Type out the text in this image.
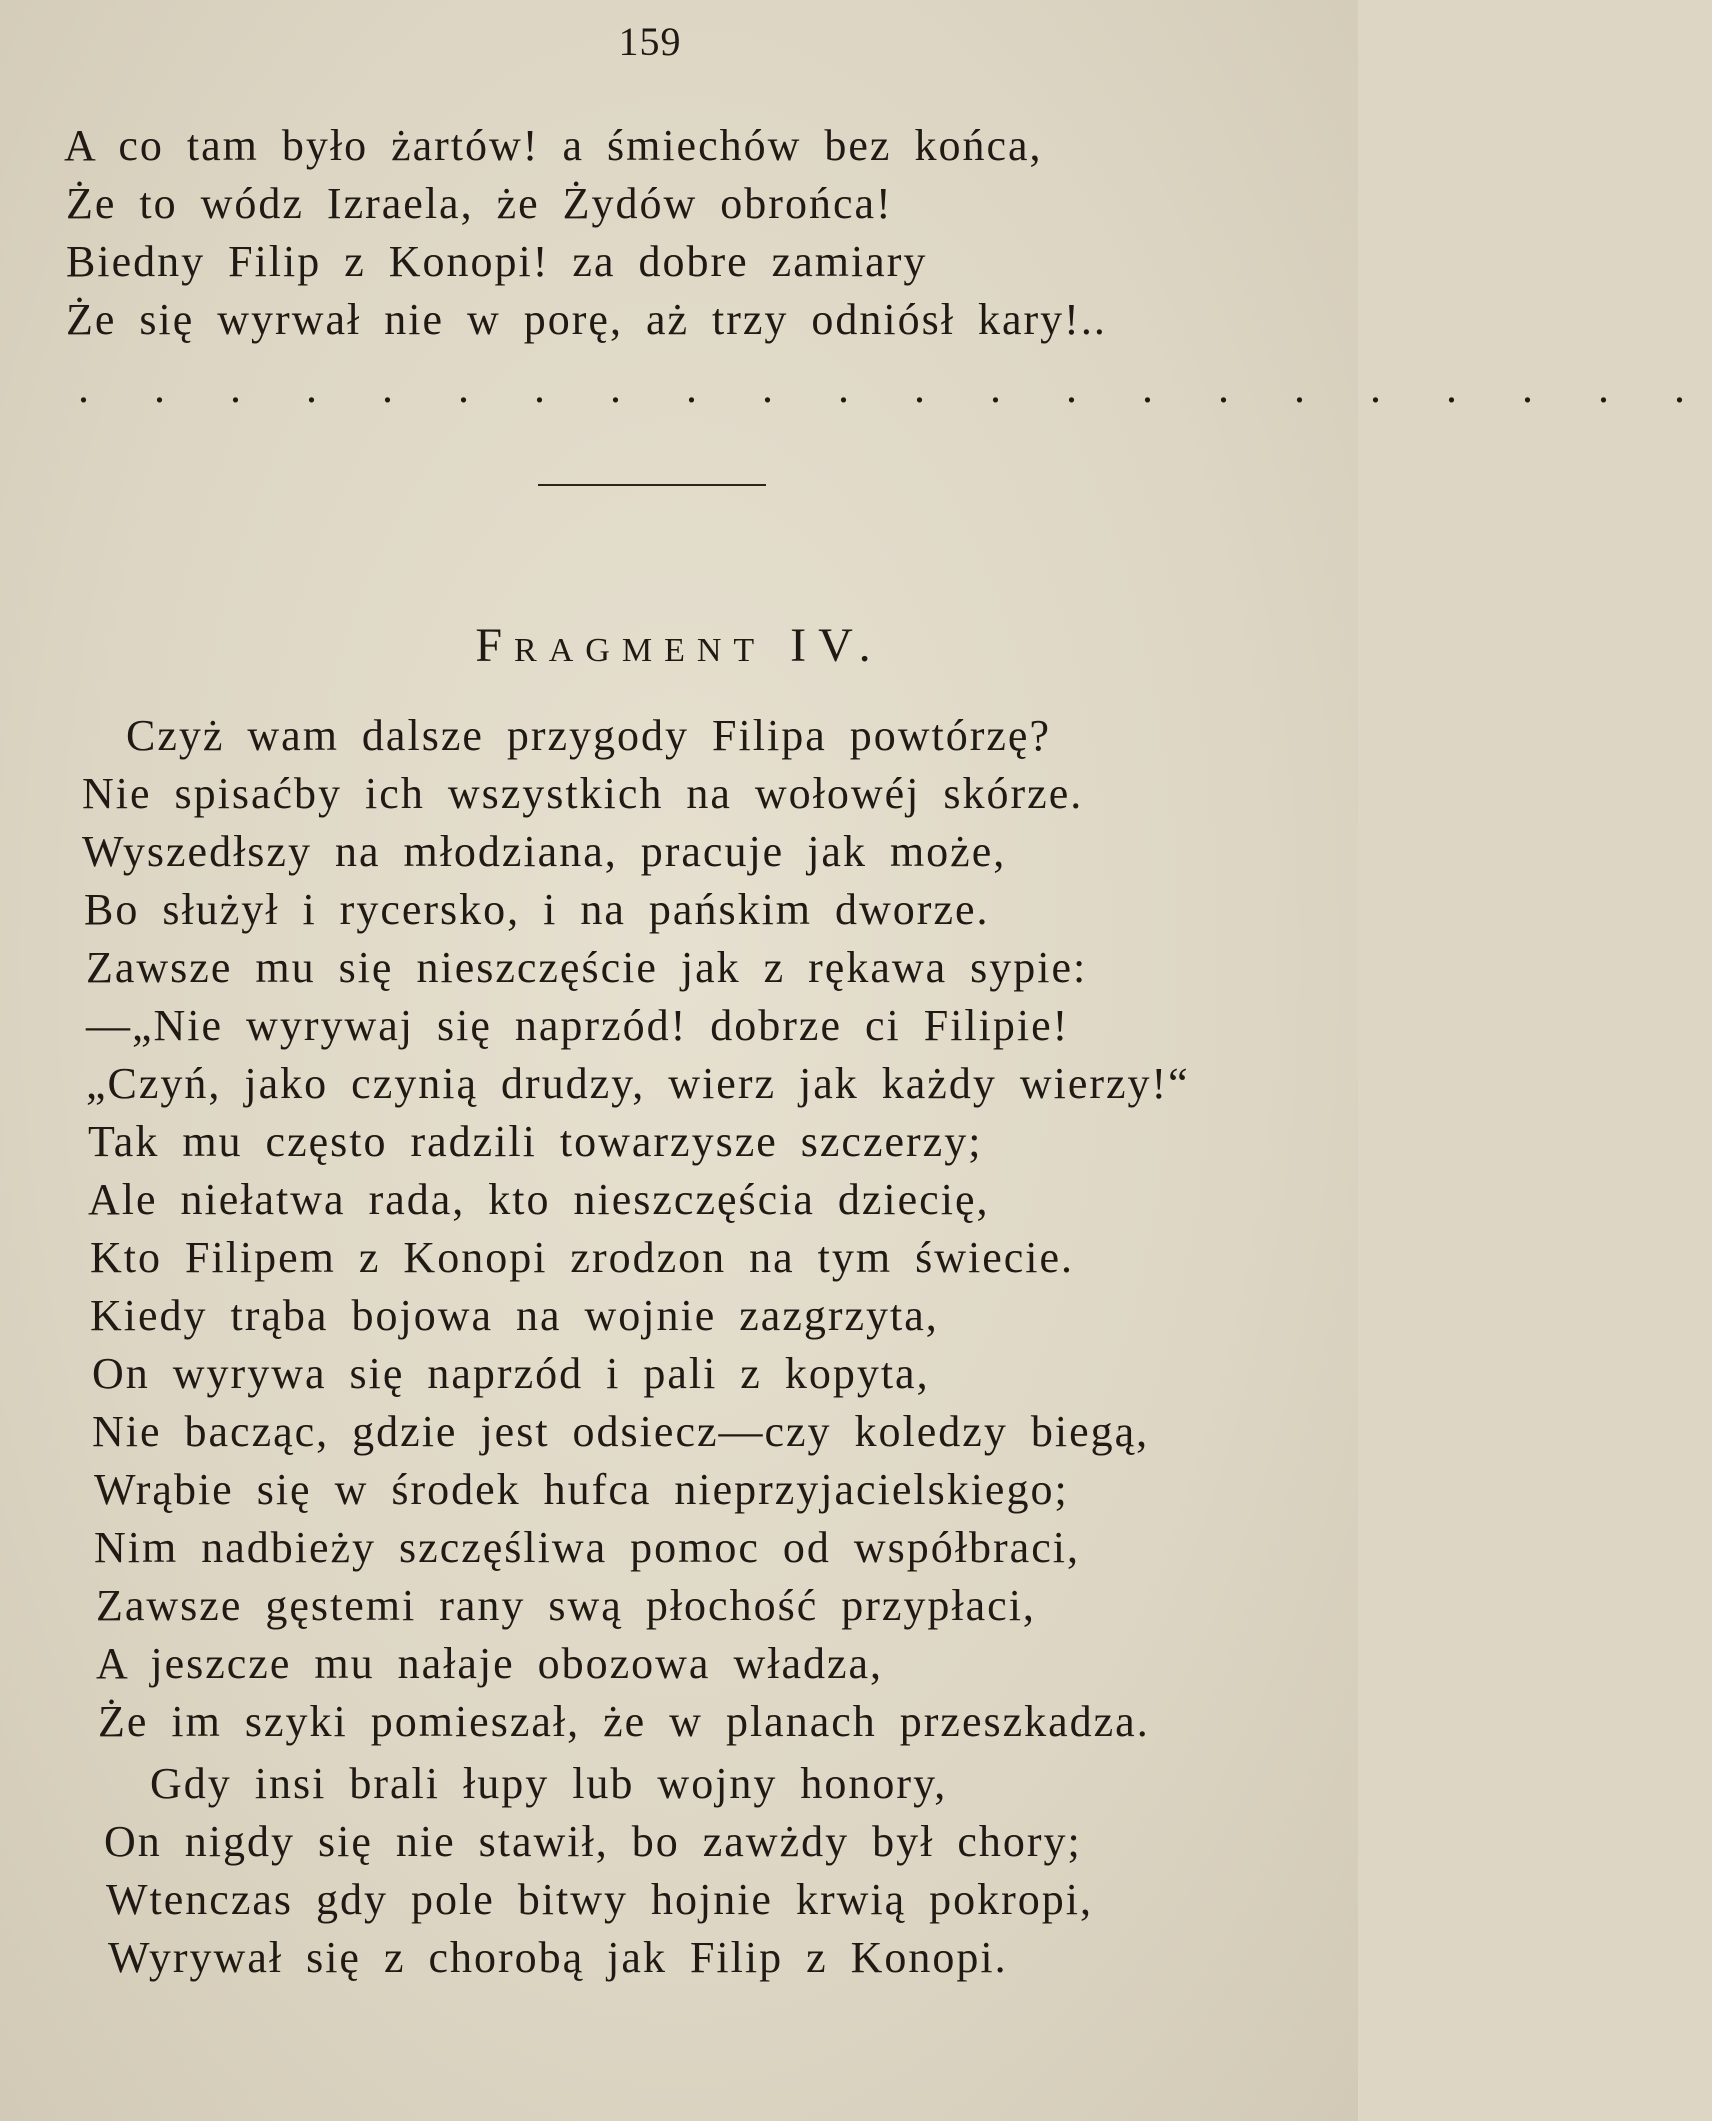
159
A co tam było żartów! a śmiechów bez końca,
Że to wódz Izraela, że Żydów obrońca!
Biedny Filip z Konopi! za dobre zamiary
Że się wyrwał nie w porę, aż trzy odniósł kary!..
. . . . . . . . . . . . . . . . . . . . . .
Fragment IV.
Czyż wam dalsze przygody Filipa powtórzę?
Nie spisaćby ich wszystkich na wołowéj skórze.
Wyszedłszy na młodziana, pracuje jak może,
Bo służył i rycersko, i na pańskim dworze.
Zawsze mu się nieszczęście jak z rękawa sypie:
—„Nie wyrywaj się naprzód! dobrze ci Filipie!
„Czyń, jako czynią drudzy, wierz jak każdy wierzy!“
Tak mu często radzili towarzysze szczerzy;
Ale niełatwa rada, kto nieszczęścia dziecię,
Kto Filipem z Konopi zrodzon na tym świecie.
Kiedy trąba bojowa na wojnie zazgrzyta,
On wyrywa się naprzód i pali z kopyta,
Nie bacząc, gdzie jest odsiecz—czy koledzy biegą,
Wrąbie się w środek hufca nieprzyjacielskiego;
Nim nadbieży szczęśliwa pomoc od współbraci,
Zawsze gęstemi rany swą płochość przypłaci,
A jeszcze mu nałaje obozowa władza,
Że im szyki pomieszał, że w planach przeszkadza.
Gdy insi brali łupy lub wojny honory,
On nigdy się nie stawił, bo zawżdy był chory;
Wtenczas gdy pole bitwy hojnie krwią pokropi,
Wyrywał się z chorobą jak Filip z Konopi.
